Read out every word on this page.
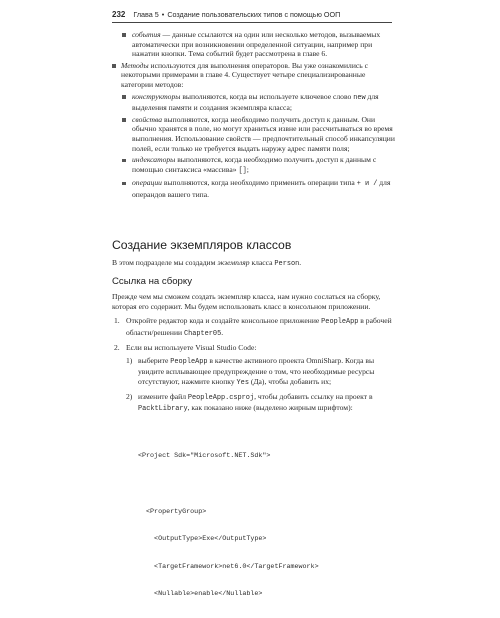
232 Глава 5 • Создание пользовательских типов с помощью ООП
события — данные ссылаются на один или несколько методов, вызываемых автоматически при возникновении определенной ситуации, например при нажатии кнопки. Тема событий будет рассмотрена в главе 6.
Методы используются для выполнения операторов. Вы уже ознакомились с некоторыми примерами в главе 4. Существует четыре специализированные категории методов:
конструкторы выполняются, когда вы используете ключевое слово new для выделения памяти и создания экземпляра класса;
свойства выполняются, когда необходимо получить доступ к данным. Они обычно хранятся в поле, но могут храниться извне или рассчитываться во время выполнения. Использование свойств — предпочтительный способ инкапсуляции полей, если только не требуется выдать наружу адрес памяти поля;
индексаторы выполняются, когда необходимо получить доступ к данным с помощью синтаксиса «массива» [];
операции выполняются, когда необходимо применить операции типа + и / для операндов вашего типа.
Создание экземпляров классов
В этом подразделе мы создадим экземпляр класса Person.
Ссылка на сборку
Прежде чем мы сможем создать экземпляр класса, нам нужно сослаться на сборку, которая его содержит. Мы будем использовать класс в консольном приложении.
1. Откройте редактор кода и создайте консольное приложение PeopleApp в рабочей области/решении Chapter05.
2. Если вы используете Visual Studio Code:
1) выберите PeopleApp в качестве активного проекта OmniSharp. Когда вы увидите всплывающее предупреждение о том, что необходимые ресурсы отсутствуют, нажмите кнопку Yes (Да), чтобы добавить их;
2) измените файл PeopleApp.csproj, чтобы добавить ссылку на проект в PacktLibrary, как показано ниже (выделено жирным шрифтом):

<Project Sdk="Microsoft.NET.Sdk">

<PropertyGroup>

<OutputType>Exe</OutputType>

<TargetFramework>net6.0</TargetFramework>

<Nullable>enable</Nullable>
